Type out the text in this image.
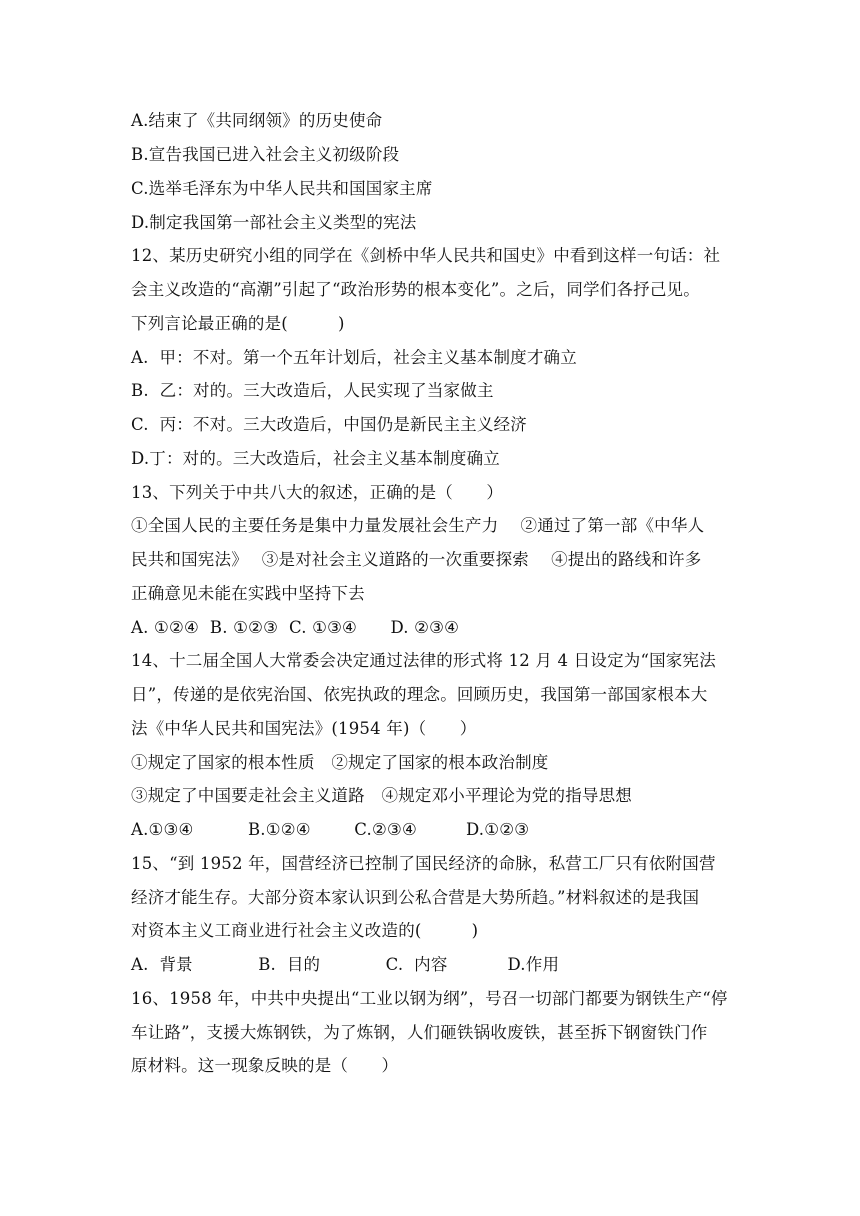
A.结束了《共同纲领》的历史使命
B.宣告我国已进入社会主义初级阶段
C.选举毛泽东为中华人民共和国国家主席
D.制定我国第一部社会主义类型的宪法
12、某历史研究小组的同学在《剑桥中华人民共和国史》中看到这样一句话：社
会主义改造的“高潮”引起了“政治形势的根本变化”。之后，同学们各抒己见。
下列言论最正确的是(　　　)
A.  甲：不对。第一个五年计划后，社会主义基本制度才确立
B.  乙：对的。三大改造后，人民实现了当家做主
C.  丙：不对。三大改造后，中国仍是新民主主义经济
D.丁：对的。三大改造后，社会主义基本制度确立
13、下列关于中共八大的叙述，正确的是（　　）
①全国人民的主要任务是集中力量发展社会生产力　 ②通过了第一部《中华人
民共和国宪法》　 ③是对社会主义道路的一次重要探索　 ④提出的路线和许多
正确意见未能在实践中坚持下去
A. ①②④  B. ①②③  C. ①③④　　D. ②③④
14、十二届全国人大常委会决定通过法律的形式将 12 月 4 日设定为“国家宪法
日”，传递的是依宪治国、依宪执政的理念。回顾历史，我国第一部国家根本大
法《中华人民共和国宪法》(1954 年)（　　）
①规定了国家的根本性质　②规定了国家的根本政治制度
③规定了中国要走社会主义道路　④规定邓小平理论为党的指导思想
A.①③④          B.①②④        C.②③④         D.①②③
15、“到 1952 年，国营经济已控制了国民经济的命脉，私营工厂只有依附国营
经济才能生存。大部分资本家认识到公私合营是大势所趋。”材料叙述的是我国
对资本主义工商业进行社会主义改造的(　　　)
A.  背景            B.  目的            C.  内容           D.作用
16、1958 年，中共中央提出“工业以钢为纲”，号召一切部门都要为钢铁生产“停
车让路”，支援大炼钢铁，为了炼钢，人们砸铁锅收废铁，甚至拆下钢窗铁门作
原材料。这一现象反映的是（　　）
